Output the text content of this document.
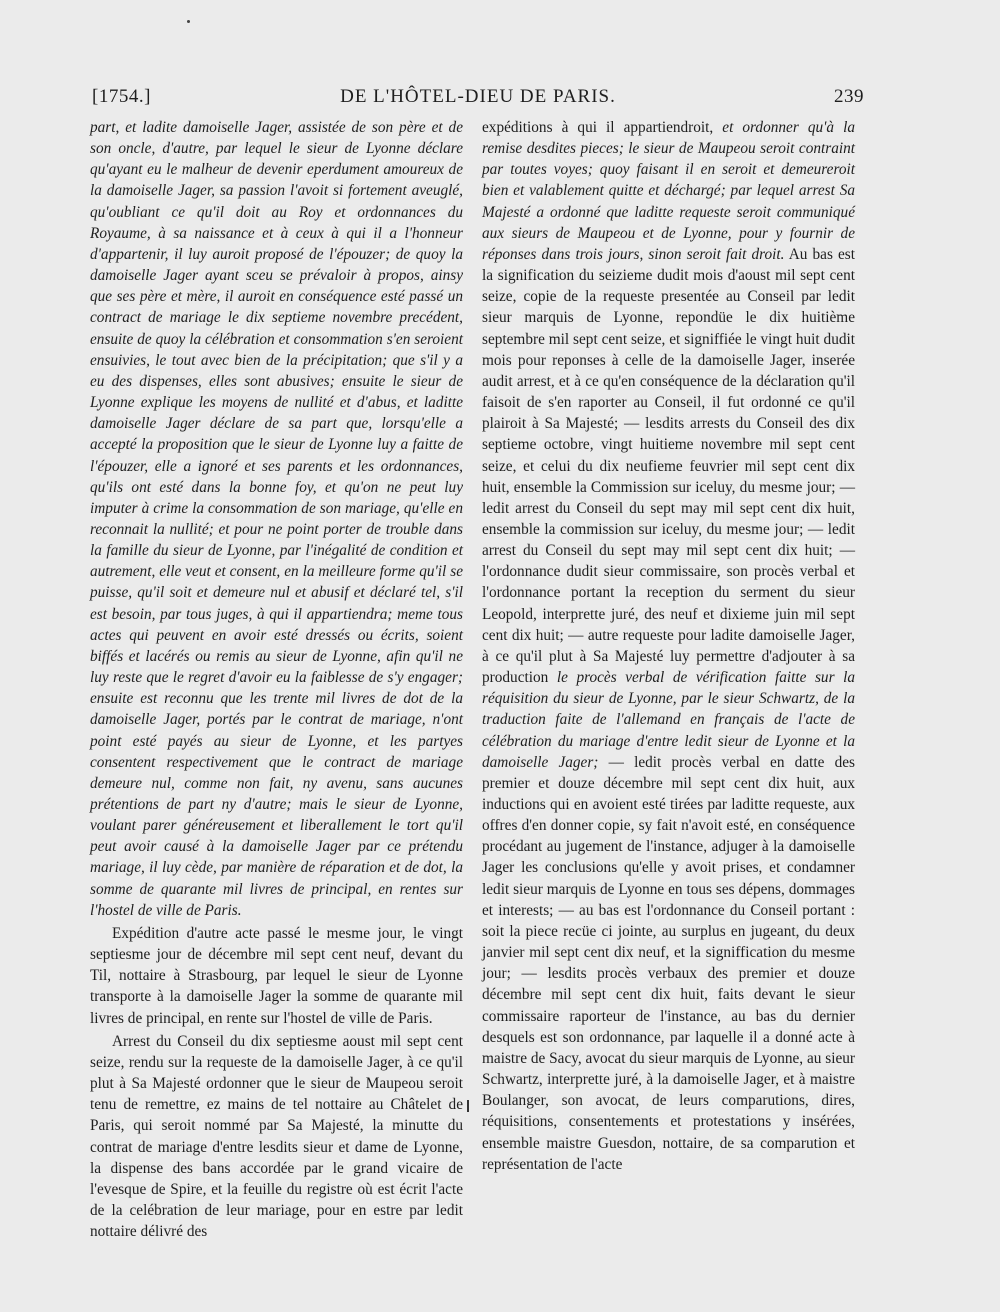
[1754.]	DE L'HÔTEL-DIEU DE PARIS.	239

part, et ladite damoiselle Jager, assistée de son père et de son oncle, d'autre, par lequel le sieur de Lyonne déclare qu'ayant eu le malheur de devenir eperdument amoureux de la damoiselle Jager, sa passion l'avoit si fortement aveuglé, qu'oubliant ce qu'il doit au Roy et ordonnances du Royaume, à sa naissance et à ceux à qui il a l'honneur d'appartenir, il luy auroit proposé de l'épouzer; de quoy la damoiselle Jager ayant sceu se prévaloir à propos, ainsy que ses père et mère, il auroit en conséquence esté passé un contract de mariage le dix septieme novembre precédent, ensuite de quoy la célébration et consommation s'en seroient ensuivies, le tout avec bien de la précipitation; que s'il y a eu des dispenses, elles sont abusives; ensuite le sieur de Lyonne explique les moyens de nullité et d'abus, et laditte damoiselle Jager déclare de sa part que, lorsqu'elle a accepté la proposition que le sieur de Lyonne luy a faitte de l'épouzer, elle a ignoré et ses parents et les ordonnances, qu'ils ont esté dans la bonne foy, et qu'on ne peut luy imputer à crime la consommation de son mariage, qu'elle en reconnait la nullité; et pour ne point porter de trouble dans la famille du sieur de Lyonne, par l'inégalité de condition et autrement, elle veut et consent, en la meilleure forme qu'il se puisse, qu'il soit et demeure nul et abusif et déclaré tel, s'il est besoin, par tous juges, à qui il appartiendra; meme tous actes qui peuvent en avoir esté dressés ou écrits, soient biffés et lacérés ou remis au sieur de Lyonne, afin qu'il ne luy reste que le regret d'avoir eu la faiblesse de s'y engager; ensuite est reconnu que les trente mil livres de dot de la damoiselle Jager, portés par le contrat de mariage, n'ont point esté payés au sieur de Lyonne, et les partyes consentent respectivement que le contract de mariage demeure nul, comme non fait, ny avenu, sans aucunes prétentions de part ny d'autre; mais le sieur de Lyonne, voulant parer généreusement et liberallement le tort qu'il peut avoir causé à la damoiselle Jager par ce prétendu mariage, il luy cède, par manière de réparation et de dot, la somme de quarante mil livres de principal, en rentes sur l'hostel de ville de Paris.

Expédition d'autre acte passé le mesme jour, le vingt septiesme jour de décembre mil sept cent neuf, devant du Til, nottaire à Strasbourg, par lequel le sieur de Lyonne transporte à la damoiselle Jager la somme de quarante mil livres de principal, en rente sur l'hostel de ville de Paris.

Arrest du Conseil du dix septiesme aoust mil sept cent seize, rendu sur la requeste de la damoiselle Jager, à ce qu'il plut à Sa Majesté ordonner que le sieur de Maupeou seroit tenu de remettre, ez mains de tel nottaire au Châtelet de Paris, qui seroit nommé par Sa Majesté, la minutte du contrat de mariage d'entre lesdits sieur et dame de Lyonne, la dispense des bans accordée par le grand vicaire de l'evesque de Spire, et la feuille du registre où est écrit l'acte de la celébration de leur mariage, pour en estre par ledit nottaire délivré des

expéditions à qui il appartiendroit, et ordonner qu'à la remise desdites pieces; le sieur de Maupeou seroit contraint par toutes voyes; quoy faisant il en seroit et demeureroit bien et valablement quitte et déchargé; par lequel arrest Sa Majesté a ordonné que laditte requeste seroit communiqué aux sieurs de Maupeou et de Lyonne, pour y fournir de réponses dans trois jours, sinon seroit fait droit. Au bas est la signification du seizieme dudit mois d'aoust mil sept cent seize, copie de la requeste presentée au Conseil par ledit sieur marquis de Lyonne, repondüe le dix huitième septembre mil sept cent seize, et signiffiée le vingt huit dudit mois pour reponses à celle de la damoiselle Jager, inserée audit arrest, et à ce qu'en conséquence de la déclaration qu'il faisoit de s'en raporter au Conseil, il fut ordonné ce qu'il plairoit à Sa Majesté; — lesdits arrests du Conseil des dix septieme octobre, vingt huitieme novembre mil sept cent seize, et celui du dix neufieme feuvrier mil sept cent dix huit, ensemble la Commission sur iceluy, du mesme jour; — ledit arrest du Conseil du sept may mil sept cent dix huit, ensemble la commission sur iceluy, du mesme jour; — ledit arrest du Conseil du sept may mil sept cent dix huit; — l'ordonnance dudit sieur commissaire, son procès verbal et l'ordonnance portant la reception du serment du sieur Leopold, interprette juré, des neuf et dixieme juin mil sept cent dix huit; — autre requeste pour ladite damoiselle Jager, à ce qu'il plut à Sa Majesté luy permettre d'adjouter à sa production le procès verbal de vérification faitte sur la réquisition du sieur de Lyonne, par le sieur Schwartz, de la traduction faite de l'allemand en français de l'acte de célébration du mariage d'entre ledit sieur de Lyonne et la damoiselle Jager; — ledit procès verbal en datte des premier et douze décembre mil sept cent dix huit, aux inductions qui en avoient esté tirées par laditte requeste, aux offres d'en donner copie, sy fait n'avoit esté, en conséquence procédant au jugement de l'instance, adjuger à la damoiselle Jager les conclusions qu'elle y avoit prises, et condamner ledit sieur marquis de Lyonne en tous ses dépens, dommages et interests; — au bas est l'ordonnance du Conseil portant : soit la piece recüe ci jointe, au surplus en jugeant, du deux janvier mil sept cent dix neuf, et la signiffication du mesme jour; — lesdits procès verbaux des premier et douze décembre mil sept cent dix huit, faits devant le sieur commissaire raporteur de l'instance, au bas du dernier desquels est son ordonnance, par laquelle il a donné acte à maistre de Sacy, avocat du sieur marquis de Lyonne, au sieur Schwartz, interprette juré, à la damoiselle Jager, et à maistre Boulanger, son avocat, de leurs comparutions, dires, réquisitions, consentements et protestations y insérées, ensemble maistre Guesdon, nottaire, de sa comparution et représentation de l'acte
